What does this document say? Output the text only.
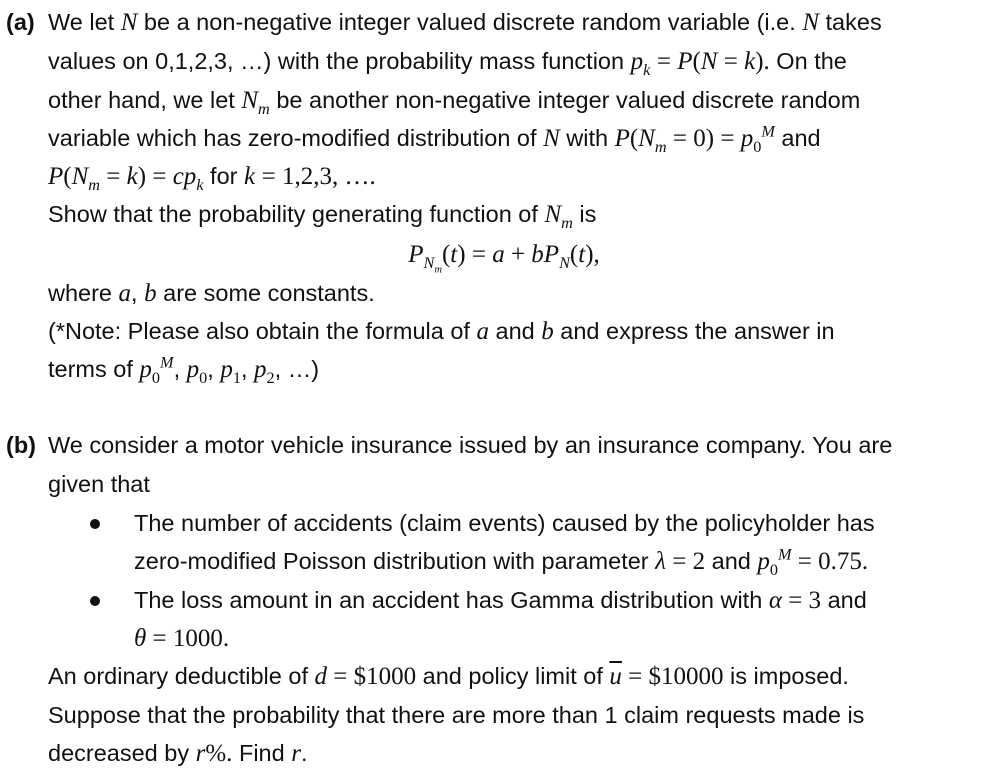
(a) We let N be a non-negative integer valued discrete random variable (i.e. N takes
values on 0,1,2,3, …) with the probability mass function $p_k = P(N = k)$. On the
other hand, we let $N_m$ be another non-negative integer valued discrete random
variable which has zero-modified distribution of N with $P(N_m = 0) = p_0^M$ and
$P(N_m = k) = cp_k$ for k = 1,2,3, ….
Show that the probability generating function of $N_m$ is
$P_{N_m}(t) = a + bP_N(t)$,
where a, b are some constants.
(*Note: Please also obtain the formula of a and b and express the answer in
terms of $p_0^M$, $p_0$, $p_1$, $p_2$, …)
(b) We consider a motor vehicle insurance issued by an insurance company. You are
given that
The number of accidents (claim events) caused by the policyholder has
zero-modified Poisson distribution with parameter λ = 2 and $p_0^M = 0.75$.
The loss amount in an accident has Gamma distribution with α = 3 and
θ = 1000.
An ordinary deductible of d = $1000 and policy limit of $\overline{u}$ = $10000 is imposed.
Suppose that the probability that there are more than 1 claim requests made is
decreased by r%. Find r.
